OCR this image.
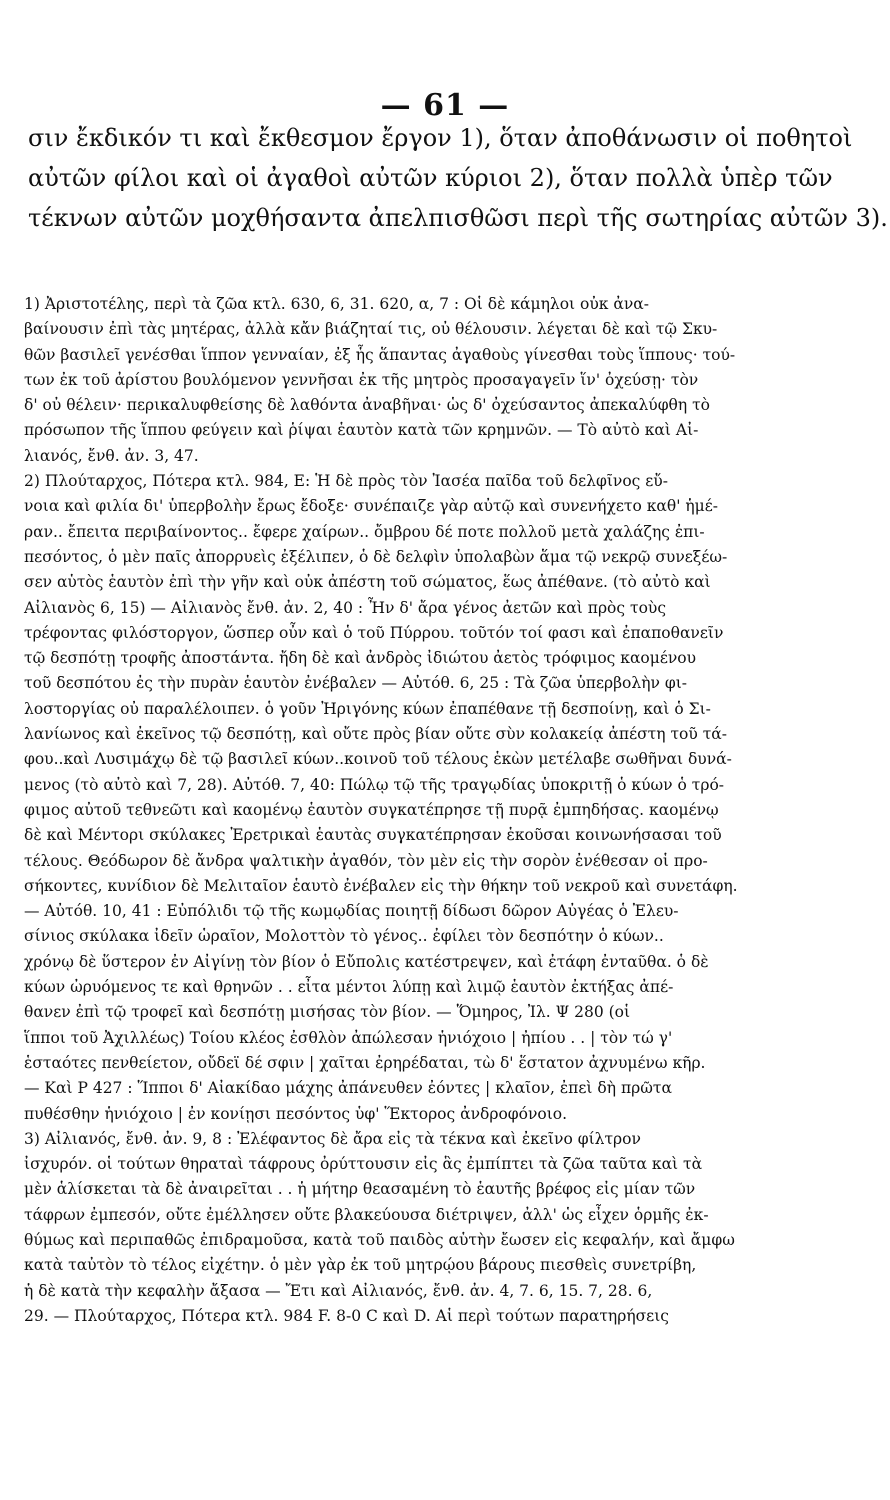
— 61 —
σιν ἔκδικόν τι καὶ ἔκθεσμον ἔργον 1), ὅταν ἀποθάνωσιν οἱ ποθητοὶ
αὐτῶν φίλοι καὶ οἱ ἀγαθοὶ αὐτῶν κύριοι 2), ὅταν πολλὰ ὑπὲρ τῶν
τέκνων αὐτῶν μοχθήσαντα ἀπελπισθῶσι περὶ τῆς σωτηρίας αὐτῶν 3).
1) Ἀριστοτέλης, περὶ τὰ ζῶα κτλ. 630, 6, 31. 620, α, 7 : Οἱ δὲ κάμηλοι οὐκ ἀνα-
βαίνουσιν ἐπὶ τὰς μητέρας, ἀλλὰ κἄν βιάζηταί τις, οὐ θέλουσιν. λέγεται δὲ καὶ τῷ Σκυ-
θῶν βασιλεῖ γενέσθαι ἵππον γενναίαν, ἐξ ἧς ἅπαντας ἀγαθοὺς γίνεσθαι τοὺς ἵππους· τού-
των ἐκ τοῦ ἀρίστου βουλόμενον γεννῆσαι ἐκ τῆς μητρὸς προσαγαγεῖν ἵν' ὀχεύσῃ· τὸν
δ' οὐ θέλειν· περικαλυφθείσης δὲ λαθόντα ἀναβῆναι· ὡς δ' ὀχεύσαντος ἀπεκαλύφθη τὸ
πρόσωπον τῆς ἵππου φεύγειν καὶ ῥίψαι ἑαυτὸν κατὰ τῶν κρημνῶν. — Τὸ αὐτὸ καὶ Αἰ-
λιανός, ἔνθ. ἀν. 3, 47.
2) Πλούταρχος, Πότερα κτλ. 984, E: Ἡ δὲ πρὸς τὸν Ἰασέα παῖδα τοῦ δελφῖνος εὔ-
νοια καὶ φιλία δι' ὑπερβολὴν ἔρως ἔδοξε· συνέπαιζε γὰρ αὐτῷ καὶ συνενήχετο καθ' ἡμέ-
ραν.. ἔπειτα περιβαίνοντος.. ἔφερε χαίρων.. ὄμβρου δέ ποτε πολλοῦ μετὰ χαλάζης ἐπι-
πεσόντος, ὁ μὲν παῖς ἀπορρυεὶς ἐξέλιπεν, ὁ δὲ δελφὶν ὑπολαβὼν ἅμα τῷ νεκρῷ συνεξέω-
σεν αὑτὸς ἑαυτὸν ἐπὶ τὴν γῆν καὶ οὐκ ἀπέστη τοῦ σώματος, ἕως ἀπέθανε. (τὸ αὐτὸ καὶ
Αἰλιανὸς 6, 15) — Αἰλιανὸς ἔνθ. ἀν. 2, 40 : Ἦν δ' ἄρα γένος ἀετῶν καὶ πρὸς τοὺς
τρέφοντας φιλόστοργον, ὥσπερ οὖν καὶ ὁ τοῦ Πύρρου. τοῦτόν τοί φασι καὶ ἐπαποθανεῖν
τῷ δεσπότῃ τροφῆς ἀποστάντα. ἤδη δὲ καὶ ἀνδρὸς ἰδιώτου ἀετὸς τρόφιμος καομένου
τοῦ δεσπότου ἐς τὴν πυρὰν ἑαυτὸν ἐνέβαλεν — Αὐτόθ. 6, 25 : Τὰ ζῶα ὑπερβολὴν φι-
λοστοργίας οὐ παραλέλοιπεν. ὁ γοῦν Ἠριγόνης κύων ἐπαπέθανε τῇ δεσποίνῃ, καὶ ὁ Σι-
λανίωνος καὶ ἐκεῖνος τῷ δεσπότῃ, καὶ οὔτε πρὸς βίαν οὔτε σὺν κολακείᾳ ἀπέστη τοῦ τά-
φου..καὶ Λυσιμάχῳ δὲ τῷ βασιλεῖ κύων..κοινοῦ τοῦ τέλους ἑκὼν μετέλαβε σωθῆναι δυνά-
μενος (τὸ αὐτὸ καὶ 7, 28). Αὐτόθ. 7, 40: Πώλῳ τῷ τῆς τραγῳδίας ὑποκριτῇ ὁ κύων ὁ τρό-
φιμος αὐτοῦ τεθνεῶτι καὶ καομένῳ ἑαυτὸν συγκατέπρησε τῇ πυρᾷ ἐμπηδήσας. καομένῳ
δὲ καὶ Μέντορι σκύλακες Ἐρετρικαὶ ἑαυτὰς συγκατέπρησαν ἑκοῦσαι κοινωνήσασαι τοῦ
τέλους. Θεόδωρον δὲ ἄνδρα ψαλτικὴν ἀγαθόν, τὸν μὲν εἰς τὴν σορὸν ἐνέθεσαν οἱ προ-
σήκοντες, κυνίδιον δὲ Μελιταῖον ἑαυτὸ ἐνέβαλεν εἰς τὴν θήκην τοῦ νεκροῦ καὶ συνετάφη.
— Αὐτόθ. 10, 41 : Εὐπόλιδι τῷ τῆς κωμῳδίας ποιητῇ δίδωσι δῶρον Αὐγέας ὁ Ἐλευ-
σίνιος σκύλακα ἰδεῖν ὡραῖον, Μολοττὸν τὸ γένος.. ἐφίλει τὸν δεσπότην ὁ κύων..
χρόνῳ δὲ ὕστερον ἐν Αἰγίνῃ τὸν βίον ὁ Εὔπολις κατέστρεψεν, καὶ ἐτάφη ἐνταῦθα. ὁ δὲ
κύων ὠρυόμενος τε καὶ θρηνῶν . . εἶτα μέντοι λύπῃ καὶ λιμῷ ἑαυτὸν ἐκτήξας ἀπέ-
θανεν ἐπὶ τῷ τροφεῖ καὶ δεσπότῃ μισήσας τὸν βίον. — Ὅμηρος, Ἰλ. Ψ 280 (οἱ
ἵπποι τοῦ Ἀχιλλέως) Τοίου κλέος ἐσθλὸν ἀπώλεσαν ἡνιόχοιο | ἠπίου . . | τὸν τώ γ'
ἑσταότες πενθείετον, οὔδεϊ δέ σφιν | χαῖται ἐρηρέδαται, τὼ δ' ἕστατον ἀχνυμένω κῆρ.
— Καὶ Ρ 427 : Ἵπποι δ' Αἰακίδαο μάχης ἀπάνευθεν ἐόντες | κλαῖον, ἐπεὶ δὴ πρῶτα
πυθέσθην ἡνιόχοιο | ἐν κονίῃσι πεσόντος ὑφ' Ἕκτορος ἀνδροφόνοιο.
3) Αἰλιανός, ἔνθ. ἀν. 9, 8 : Ἐλέφαντος δὲ ἄρα εἰς τὰ τέκνα καὶ ἐκεῖνο φίλτρον
ἰσχυρόν. οἱ τούτων θηραταὶ τάφρους ὀρύττουσιν εἰς ἃς ἐμπίπτει τὰ ζῶα ταῦτα καὶ τὰ
μὲν ἁλίσκεται τὰ δὲ ἀναιρεῖται . . ἡ μήτηρ θεασαμένη τὸ ἑαυτῆς βρέφος εἰς μίαν τῶν
τάφρων ἐμπεσόν, οὔτε ἐμέλλησεν οὔτε βλακεύουσα διέτριψεν, ἀλλ' ὡς εἶχεν ὁρμῆς ἐκ-
θύμως καὶ περιπαθῶς ἐπιδραμοῦσα, κατὰ τοῦ παιδὸς αὑτὴν ἔωσεν εἰς κεφαλήν, καὶ ἄμφω
κατὰ ταὐτὸν τὸ τέλος εἰχέτην. ὁ μὲν γὰρ ἐκ τοῦ μητρῴου βάρους πιεσθεὶς συνετρίβη,
ἡ δὲ κατὰ τὴν κεφαλὴν ἄξασα — Ἔτι καὶ Αἰλιανός, ἔνθ. ἀν. 4, 7. 6, 15. 7, 28. 6,
29. — Πλούταρχος, Πότερα κτλ. 984 F. 8-0 C καὶ D. Αἱ περὶ τούτων παρατηρήσεις
